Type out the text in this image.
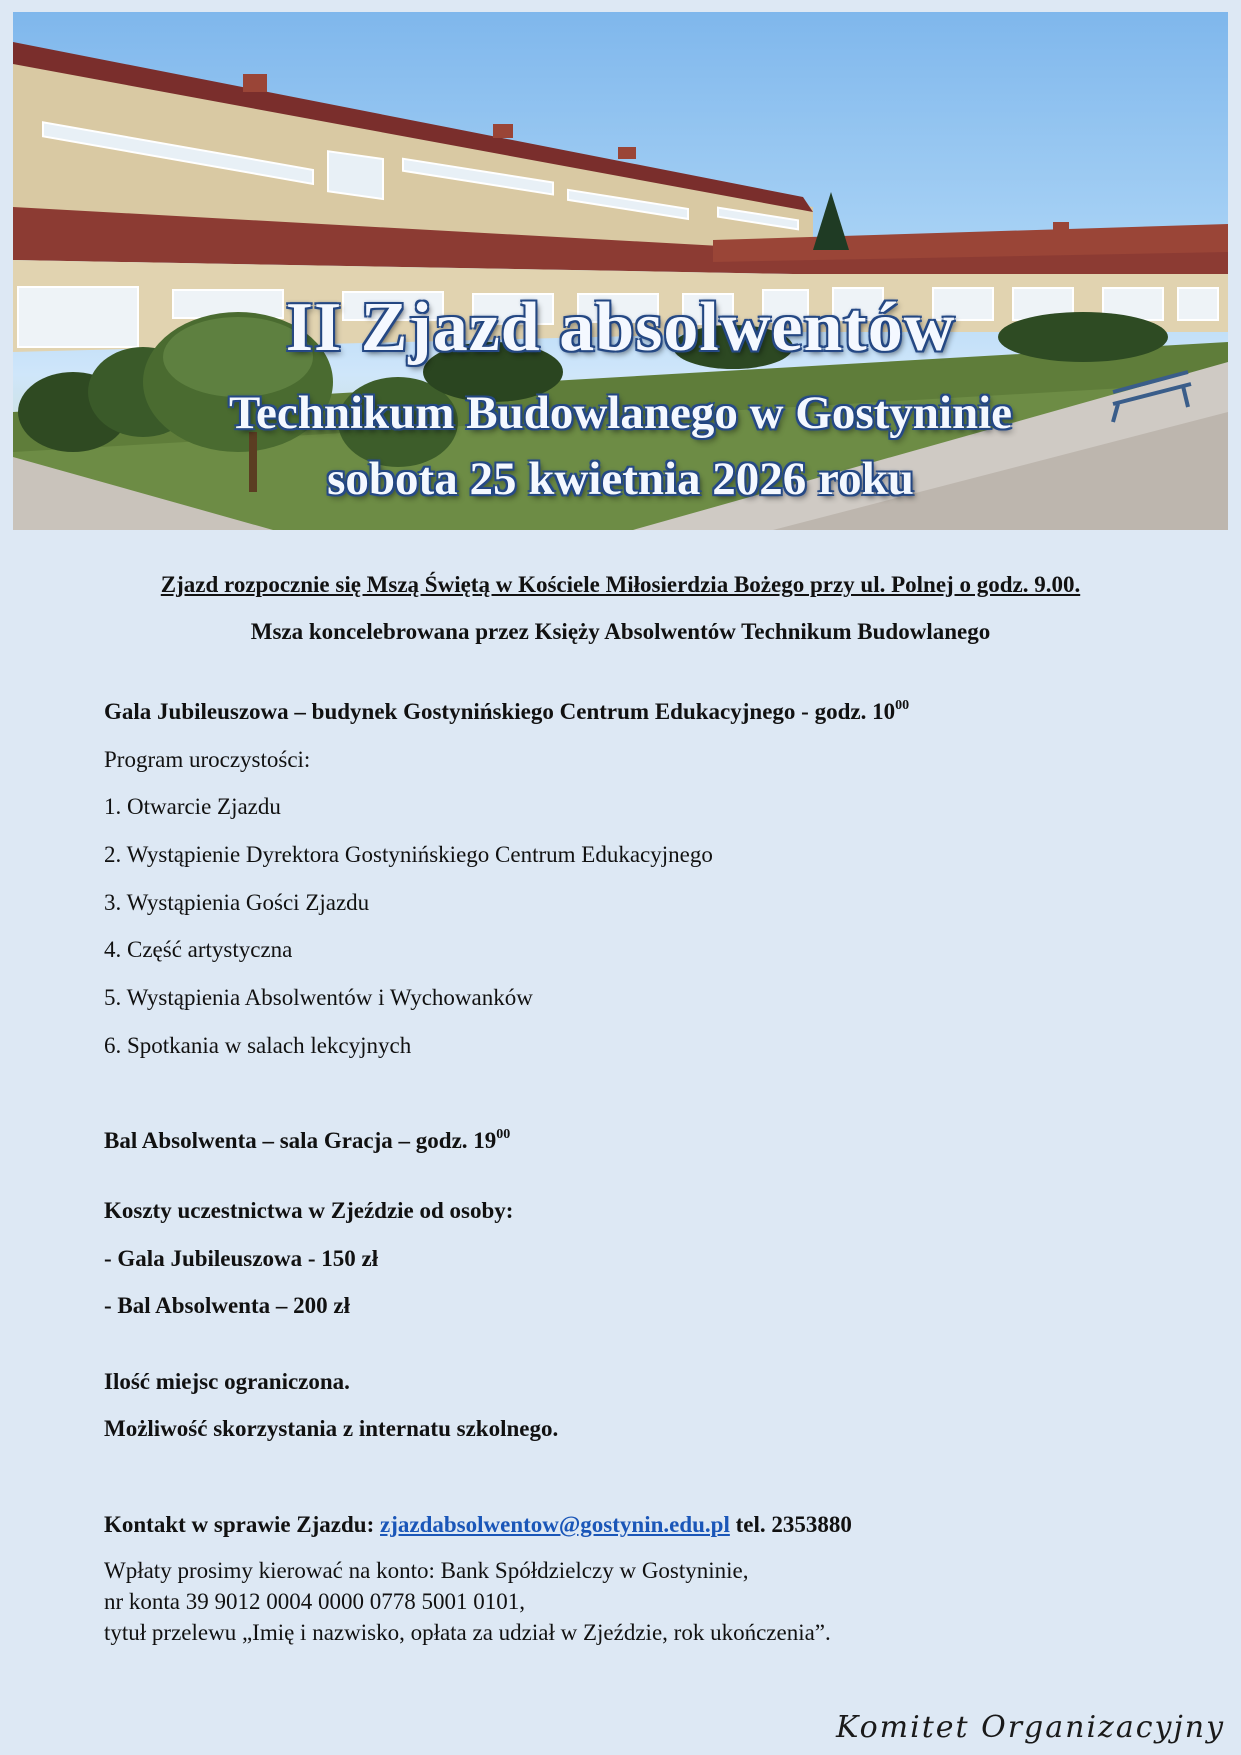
II Zjazd absolwentów
Technikum Budowlanego w Gostyninie
sobota 25 kwietnia 2026 roku
Zjazd rozpocznie się Mszą Świętą w Kościele Miłosierdzia Bożego przy ul. Polnej o godz. 9.00.
Msza koncelebrowana przez Księży Absolwentów Technikum Budowlanego
Gala Jubileuszowa – budynek Gostynińskiego Centrum Edukacyjnego - godz. $10^{00}$
Program uroczystości:
1. Otwarcie Zjazdu
2. Wystąpienie Dyrektora Gostynińskiego Centrum Edukacyjnego
3. Wystąpienia Gości Zjazdu
4. Część artystyczna
5. Wystąpienia Absolwentów i Wychowanków
6. Spotkania w salach lekcyjnych
Bal Absolwenta – sala Gracja – godz. $19^{00}$
Koszty uczestnictwa w Zjeździe od osoby:
- Gala Jubileuszowa - 150 zł
- Bal Absolwenta – 200 zł
Ilość miejsc ograniczona.
Możliwość skorzystania z internatu szkolnego.
Kontakt w sprawie Zjazdu: zjazdabsolwentow@gostynin.edu.pl tel. 2353880
Wpłaty prosimy kierować na konto: Bank Spółdzielczy w Gostyninie,
nr konta 39 9012 0004 0000 0778 5001 0101,
tytuł przelewu „Imię i nazwisko, opłata za udział w Zjeździe, rok ukończenia”.
Komitet Organizacyjny
